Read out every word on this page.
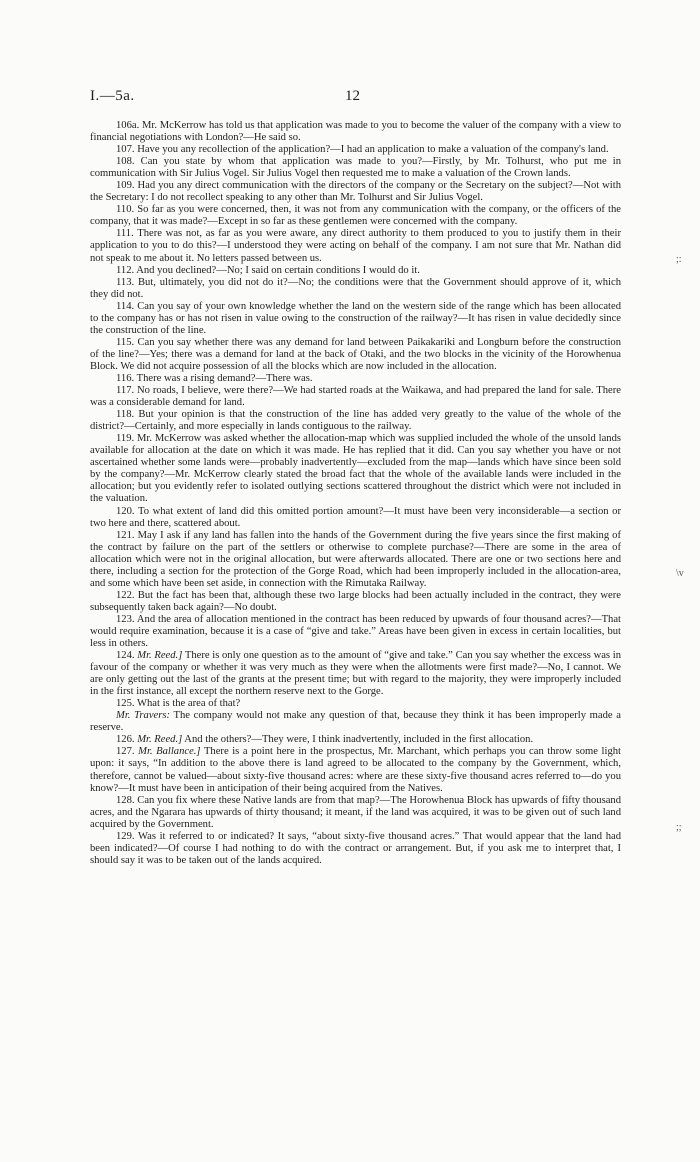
I.—5a.	12

106a. Mr. McKerrow has told us that application was made to you to become the valuer of the company with a view to financial negotiations with London?—He said so.

107. Have you any recollection of the application?—I had an application to make a valuation of the company's land.

108. Can you state by whom that application was made to you?—Firstly, by Mr. Tolhurst, who put me in communication with Sir Julius Vogel. Sir Julius Vogel then requested me to make a valuation of the Crown lands.

109. Had you any direct communication with the directors of the company or the Secretary on the subject?—Not with the Secretary: I do not recollect speaking to any other than Mr. Tolhurst and Sir Julius Vogel.

110. So far as you were concerned, then, it was not from any communication with the company, or the officers of the company, that it was made?—Except in so far as these gentlemen were concerned with the company.

111. There was not, as far as you were aware, any direct authority to them produced to you to justify them in their application to you to do this?—I understood they were acting on behalf of the company. I am not sure that Mr. Nathan did not speak to me about it. No letters passed between us.

112. And you declined?—No; I said on certain conditions I would do it.

113. But, ultimately, you did not do it?—No; the conditions were that the Government should approve of it, which they did not.

114. Can you say of your own knowledge whether the land on the western side of the range which has been allocated to the company has or has not risen in value owing to the construction of the railway?—It has risen in value decidedly since the construction of the line.

115. Can you say whether there was any demand for land between Paikakariki and Longburn before the construction of the line?—Yes; there was a demand for land at the back of Otaki, and the two blocks in the vicinity of the Horowhenua Block. We did not acquire possession of all the blocks which are now included in the allocation.

116. There was a rising demand?—There was.

117. No roads, I believe, were there?—We had started roads at the Waikawa, and had prepared the land for sale. There was a considerable demand for land.

118. But your opinion is that the construction of the line has added very greatly to the value of the whole of the district?—Certainly, and more especially in lands contiguous to the railway.

119. Mr. McKerrow was asked whether the allocation-map which was supplied included the whole of the unsold lands available for allocation at the date on which it was made. He has replied that it did. Can you say whether you have or not ascertained whether some lands were—probably inadvertently—excluded from the map—lands which have since been sold by the company?—Mr. McKerrow clearly stated the broad fact that the whole of the available lands were included in the allocation; but you evidently refer to isolated outlying sections scattered throughout the district which were not included in the valuation.

120. To what extent of land did this omitted portion amount?—It must have been very inconsiderable—a section or two here and there, scattered about.

121. May I ask if any land has fallen into the hands of the Government during the five years since the first making of the contract by failure on the part of the settlers or otherwise to complete purchase?—There are some in the area of allocation which were not in the original allocation, but were afterwards allocated. There are one or two sections here and there, including a section for the protection of the Gorge Road, which had been improperly included in the allocation-area, and some which have been set aside, in connection with the Rimutaka Railway.

122. But the fact has been that, although these two large blocks had been actually included in the contract, they were subsequently taken back again?—No doubt.

123. And the area of allocation mentioned in the contract has been reduced by upwards of four thousand acres?—That would require examination, because it is a case of “give and take.” Areas have been given in excess in certain localities, but less in others.

124. Mr. Reed.] There is only one question as to the amount of “give and take.” Can you say whether the excess was in favour of the company or whether it was very much as they were when the allotments were first made?—No, I cannot. We are only getting out the last of the grants at the present time; but with regard to the majority, they were improperly included in the first instance, all except the northern reserve next to the Gorge.

125. What is the area of that?

Mr. Travers: The company would not make any question of that, because they think it has been improperly made a reserve.

126. Mr. Reed.] And the others?—They were, I think inadvertently, included in the first allocation.

127. Mr. Ballance.] There is a point here in the prospectus, Mr. Marchant, which perhaps you can throw some light upon: it says, “In addition to the above there is land agreed to be allocated to the company by the Government, which, therefore, cannot be valued—about sixty-five thousand acres: where are these sixty-five thousand acres referred to—do you know?—It must have been in anticipation of their being acquired from the Natives.

128. Can you fix where these Native lands are from that map?—The Horowhenua Block has upwards of fifty thousand acres, and the Ngarara has upwards of thirty thousand; it meant, if the land was acquired, it was to be given out of such land acquired by the Government.

129. Was it referred to or indicated? It says, “about sixty-five thousand acres.” That would appear that the land had been indicated?—Of course I had nothing to do with the contract or arrangement. But, if you ask me to interpret that, I should say it was to be taken out of the lands acquired.

;:
\v
;;
